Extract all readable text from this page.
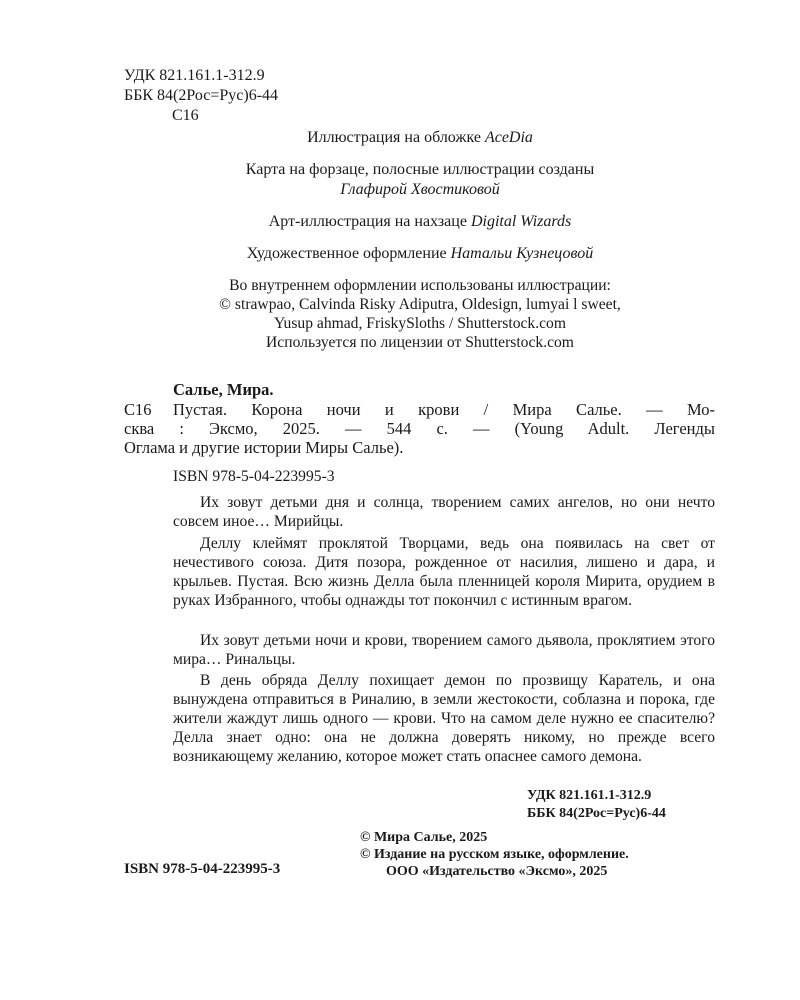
УДК 821.161.1-312.9
ББК 84(2Рос=Рус)6-44
С16
Иллюстрация на обложке AceDia
Карта на форзаце, полосные иллюстрации созданы
Глафирой Хвостиковой
Арт-иллюстрация на нахзаце Digital Wizards
Художественное оформление Натальи Кузнецовой
Во внутреннем оформлении использованы иллюстрации:
© strawpao, Calvinda Risky Adiputra, Oldesign, lumyai l sweet,
Yusup ahmad, FriskySloths / Shutterstock.com
Используется по лицензии от Shutterstock.com
Салье, Мира.
С16 Пустая. Корона ночи и крови / Мира Салье. — Мо-
сква : Эксмо, 2025. — 544 с. — (Young Adult. Легенды
Оглама и другие истории Миры Салье).
ISBN 978-5-04-223995-3

Их зовут детьми дня и солнца, творением самих ангелов, но они нечто совсем иное… Мирийцы.

Деллу клеймят проклятой Творцами, ведь она появилась на свет от нечестивого союза. Дитя позора, рожденное от насилия, лишено и дара, и крыльев. Пустая. Всю жизнь Делла была пленницей короля Мирита, орудием в руках Избранного, чтобы однажды тот покончил с истинным врагом.

Их зовут детьми ночи и крови, творением самого дьявола, проклятием этого мира… Ринальцы.

В день обряда Деллу похищает демон по прозвищу Каратель, и она вынуждена отправиться в Риналию, в земли жестокости, соблазна и порока, где жители жаждут лишь одного — крови. Что на самом деле нужно ее спасителю? Делла знает одно: она не должна доверять никому, но прежде всего возникающему желанию, которое может стать опаснее самого демона.

УДК 821.161.1-312.9
ББК 84(2Рос=Рус)6-44
ISBN 978-5-04-223995-3
© Мира Салье, 2025
© Издание на русском языке, оформление.
ООО «Издательство «Эксмо», 2025
